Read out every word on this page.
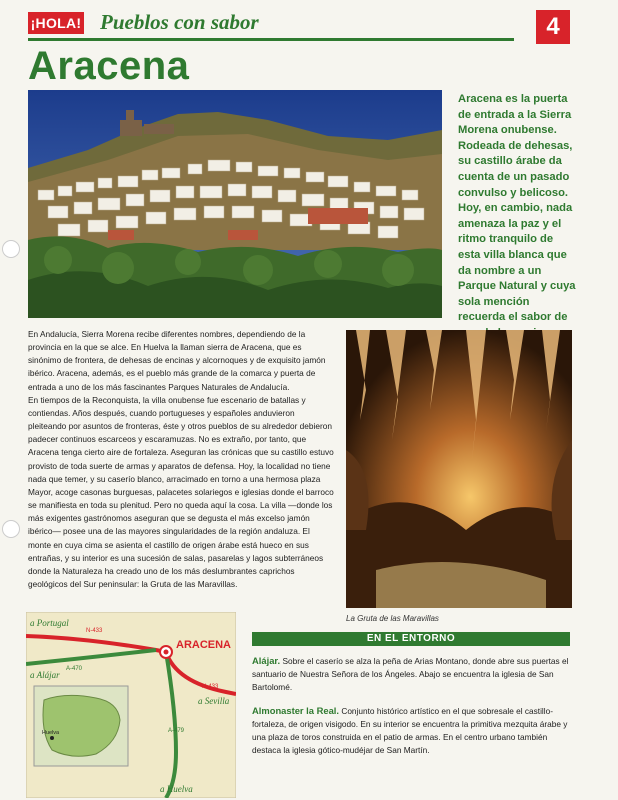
¡HOLA! Pueblos con sabor	4
Aracena
Aracena es la puerta de entrada a la Sierra Morena onubense. Rodeada de dehesas, su castillo árabe da cuenta de un pasado convulso y belicoso. Hoy, en cambio, nada amenaza la paz y el ritmo tranquilo de esta villa blanca que da nombre a un Parque Natural y cuya sola mención recuerda el sabor de

En Andalucía, Sierra Morena recibe diferentes nombres, dependiendo de la provincia en la que se alce. En Huelva la llaman sierra de Aracena, que es sinónimo de frontera, de dehesas de encinas y alcornoques y de exquisito jamón ibérico. Aracena, además, es el pueblo más grande de la comarca y puerta de entrada a uno de los más fascinantes Parques Naturales de Andalucía.

En tiempos de la Reconquista, la villa onubense fue escenario de batallas y contiendas. Años después, cuando portugueses y españoles anduvieron pleiteando por asuntos de fronteras, éste y otros pueblos de su alrededor debieron padecer continuos escarceos y escaramuzas. No es extraño, por tanto, que Aracena tenga cierto aire de fortaleza. Aseguran las crónicas que su castillo estuvo provisto de toda suerte de armas y aparatos de defensa. Hoy, la localidad no tiene nada que temer, y su caserío blanco, arracimado en torno a una hermosa plaza Mayor, acoge casonas burguesas, palacetes solariegos e iglesias donde el barroco se manifiesta en toda su plenitud. Pero no queda aquí la cosa. La villa —donde los más exigentes gastrónomos aseguran que se degusta el más excelso jamón ibérico— posee una de las mayores singularidades de la región andaluza. El monte en cuya cima se asienta el castillo de origen árabe está hueco en sus entrañas, y su interior es una sucesión de salas, pasarelas y lagos subterráneos donde la Naturaleza ha creado uno de los más deslumbrantes caprichos geológicos del Sur peninsular: la Gruta de las Maravillas.

La Gruta de las Maravillas
a Portugal
N-433
A-470
a Alájar
ARACENA
N-433
a Sevilla
A-479
a Huelva
Huelva
EN EL ENTORNO
Alájar. Sobre el caserío se alza la peña de Arias Montano, donde abre sus puertas el santuario de Nuestra Señora de los Ángeles. Abajo se encuentra la iglesia de San Bartolomé.
Almonaster la Real. Conjunto histórico artístico en el que sobresale el castillo-fortaleza, de origen visigodo. En su interior se encuentra la primitiva mezquita árabe y una plaza de toros construida en el patio de armas. En el centro urbano también destaca la iglesia gótico-mudéjar de San Martín.
